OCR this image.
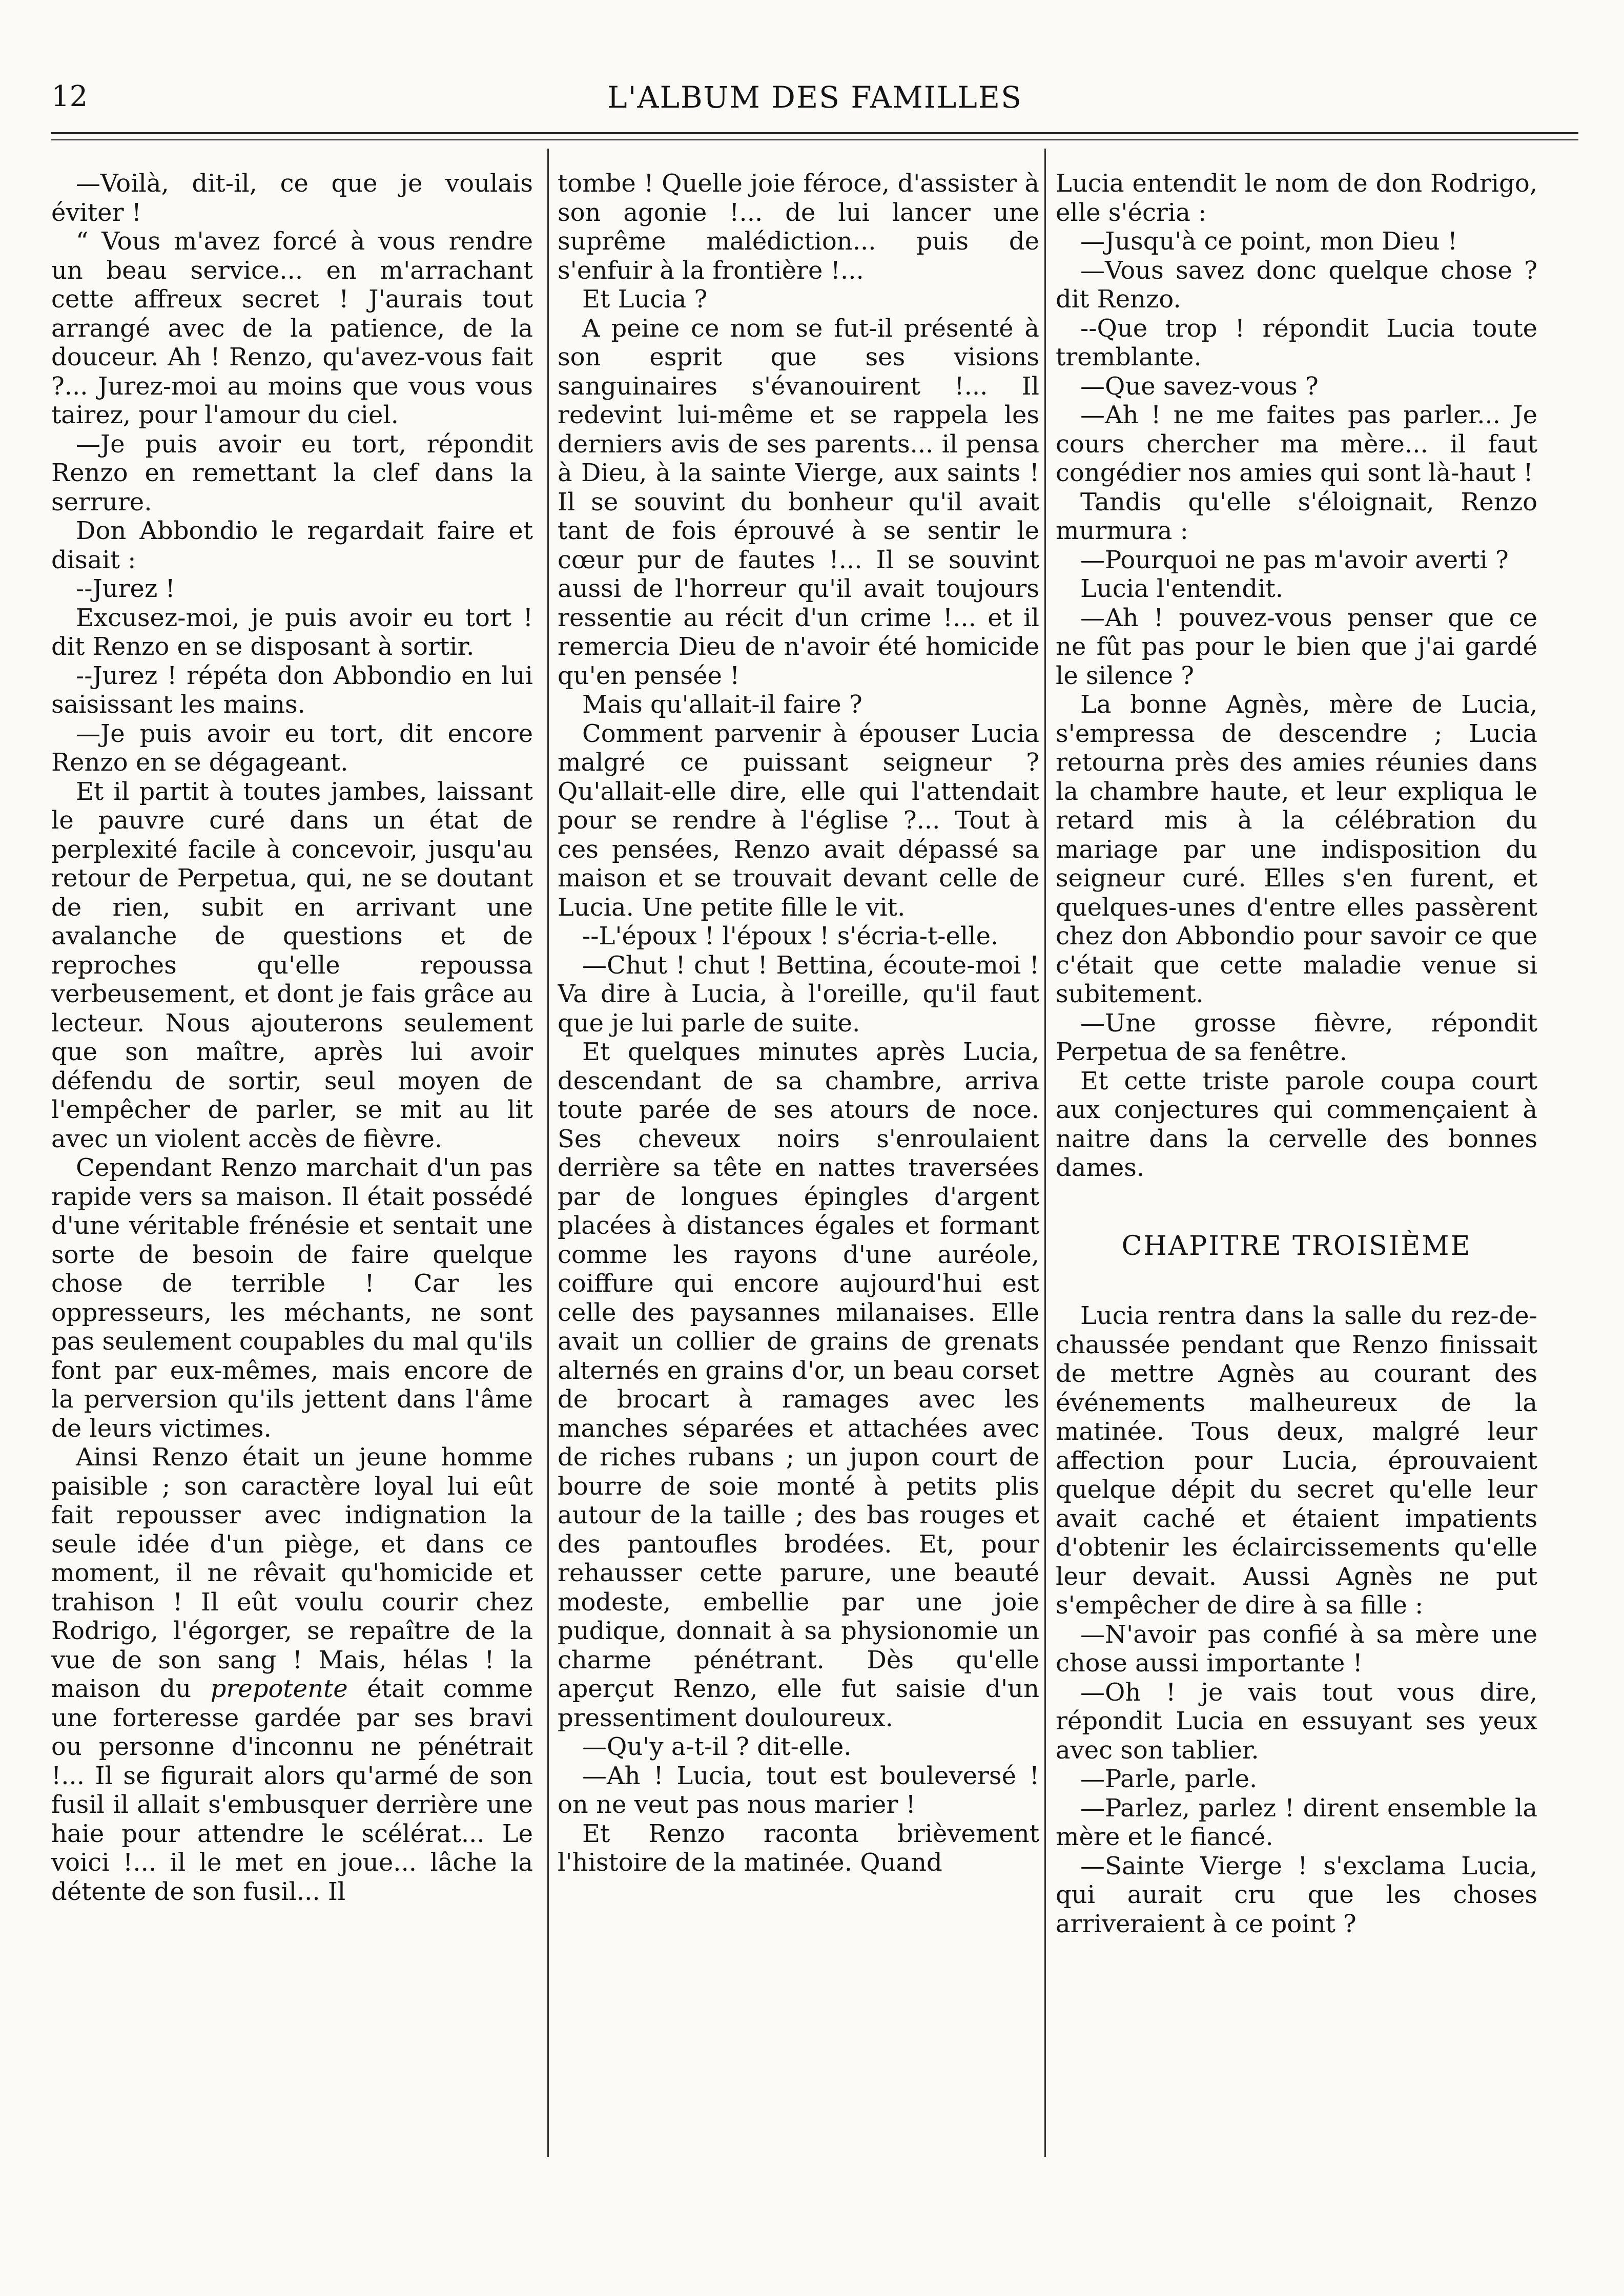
12	L'ALBUM DES FAMILLES

—Voilà, dit-il, ce que je voulais éviter !

“ Vous m'avez forcé à vous rendre un beau service... en m'arrachant cette affreux secret ! J'aurais tout arrangé avec de la patience, de la douceur. Ah ! Renzo, qu'avez-vous fait ?... Jurez-moi au moins que vous vous tairez, pour l'amour du ciel.

—Je puis avoir eu tort, répondit Renzo en remettant la clef dans la serrure.

Don Abbondio le regardait faire et disait :

--Jurez !

Excusez-moi, je puis avoir eu tort ! dit Renzo en se disposant à sortir.

--Jurez ! répéta don Abbondio en lui saisissant les mains.

—Je puis avoir eu tort, dit encore Renzo en se dégageant.

Et il partit à toutes jambes, laissant le pauvre curé dans un état de perplexité facile à concevoir, jusqu'au retour de Perpetua, qui, ne se doutant de rien, subit en arrivant une avalanche de questions et de reproches qu'elle repoussa verbeusement, et dont je fais grâce au lecteur. Nous ajouterons seulement que son maître, après lui avoir défendu de sortir, seul moyen de l'empêcher de parler, se mit au lit avec un violent accès de fièvre.

Cependant Renzo marchait d'un pas rapide vers sa maison. Il était possédé d'une véritable frénésie et sentait une sorte de besoin de faire quelque chose de terrible ! Car les oppresseurs, les méchants, ne sont pas seulement coupables du mal qu'ils font par eux-mêmes, mais encore de la perversion qu'ils jettent dans l'âme de leurs victimes.

Ainsi Renzo était un jeune homme paisible ; son caractère loyal lui eût fait repousser avec indignation la seule idée d'un piège, et dans ce moment, il ne rêvait qu'homicide et trahison ! Il eût voulu courir chez Rodrigo, l'égorger, se repaître de la vue de son sang ! Mais, hélas ! la maison du prepotente était comme une forteresse gardée par ses bravi ou personne d'inconnu ne pénétrait !... Il se figurait alors qu'armé de son fusil il allait s'embusquer derrière une haie pour attendre le scélérat... Le voici !... il le met en joue... lâche la détente de son fusil... Il

tombe ! Quelle joie féroce, d'assister à son agonie !... de lui lancer une suprême malédiction... puis de s'enfuir à la frontière !...

Et Lucia ?

A peine ce nom se fut-il présenté à son esprit que ses visions sanguinaires s'évanouirent !... Il redevint lui-même et se rappela les derniers avis de ses parents... il pensa à Dieu, à la sainte Vierge, aux saints ! Il se souvint du bonheur qu'il avait tant de fois éprouvé à se sentir le cœur pur de fautes !... Il se souvint aussi de l'horreur qu'il avait toujours ressentie au récit d'un crime !... et il remercia Dieu de n'avoir été homicide qu'en pensée !

Mais qu'allait-il faire ?

Comment parvenir à épouser Lucia malgré ce puissant seigneur ? Qu'allait-elle dire, elle qui l'attendait pour se rendre à l'église ?... Tout à ces pensées, Renzo avait dépassé sa maison et se trouvait devant celle de Lucia. Une petite fille le vit.

--L'époux ! l'époux ! s'écria-t-elle.

—Chut ! chut ! Bettina, écoute-moi ! Va dire à Lucia, à l'oreille, qu'il faut que je lui parle de suite.

Et quelques minutes après Lucia, descendant de sa chambre, arriva toute parée de ses atours de noce. Ses cheveux noirs s'enroulaient derrière sa tête en nattes traversées par de longues épingles d'argent placées à distances égales et formant comme les rayons d'une auréole, coiffure qui encore aujourd'hui est celle des paysannes milanaises. Elle avait un collier de grains de grenats alternés en grains d'or, un beau corset de brocart à ramages avec les manches séparées et attachées avec de riches rubans ; un jupon court de bourre de soie monté à petits plis autour de la taille ; des bas rouges et des pantoufles brodées. Et, pour rehausser cette parure, une beauté modeste, embellie par une joie pudique, donnait à sa physionomie un charme pénétrant. Dès qu'elle aperçut Renzo, elle fut saisie d'un pressentiment douloureux.

—Qu'y a-t-il ? dit-elle.

—Ah ! Lucia, tout est bouleversé ! on ne veut pas nous marier !

Et Renzo raconta brièvement l'histoire de la matinée. Quand

Lucia entendit le nom de don Rodrigo, elle s'écria :

—Jusqu'à ce point, mon Dieu !

—Vous savez donc quelque chose ? dit Renzo.

--Que trop ! répondit Lucia toute tremblante.

—Que savez-vous ?

—Ah ! ne me faites pas parler... Je cours chercher ma mère... il faut congédier nos amies qui sont là-haut !

Tandis qu'elle s'éloignait, Renzo murmura :

—Pourquoi ne pas m'avoir averti ?

Lucia l'entendit.

—Ah ! pouvez-vous penser que ce ne fût pas pour le bien que j'ai gardé le silence ?

La bonne Agnès, mère de Lucia, s'empressa de descendre ; Lucia retourna près des amies réunies dans la chambre haute, et leur expliqua le retard mis à la célébration du mariage par une indisposition du seigneur curé. Elles s'en furent, et quelques-unes d'entre elles passèrent chez don Abbondio pour savoir ce que c'était que cette maladie venue si subitement.

—Une grosse fièvre, répondit Perpetua de sa fenêtre.

Et cette triste parole coupa court aux conjectures qui commençaient à naitre dans la cervelle des bonnes dames.

CHAPITRE TROISIÈME

Lucia rentra dans la salle du rez-de-chaussée pendant que Renzo finissait de mettre Agnès au courant des événements malheureux de la matinée. Tous deux, malgré leur affection pour Lucia, éprouvaient quelque dépit du secret qu'elle leur avait caché et étaient impatients d'obtenir les éclaircissements qu'elle leur devait. Aussi Agnès ne put s'empêcher de dire à sa fille :

—N'avoir pas confié à sa mère une chose aussi importante !

—Oh ! je vais tout vous dire, répondit Lucia en essuyant ses yeux avec son tablier.

—Parle, parle.

—Parlez, parlez ! dirent ensemble la mère et le fiancé.

—Sainte Vierge ! s'exclama Lucia, qui aurait cru que les choses arriveraient à ce point ?
